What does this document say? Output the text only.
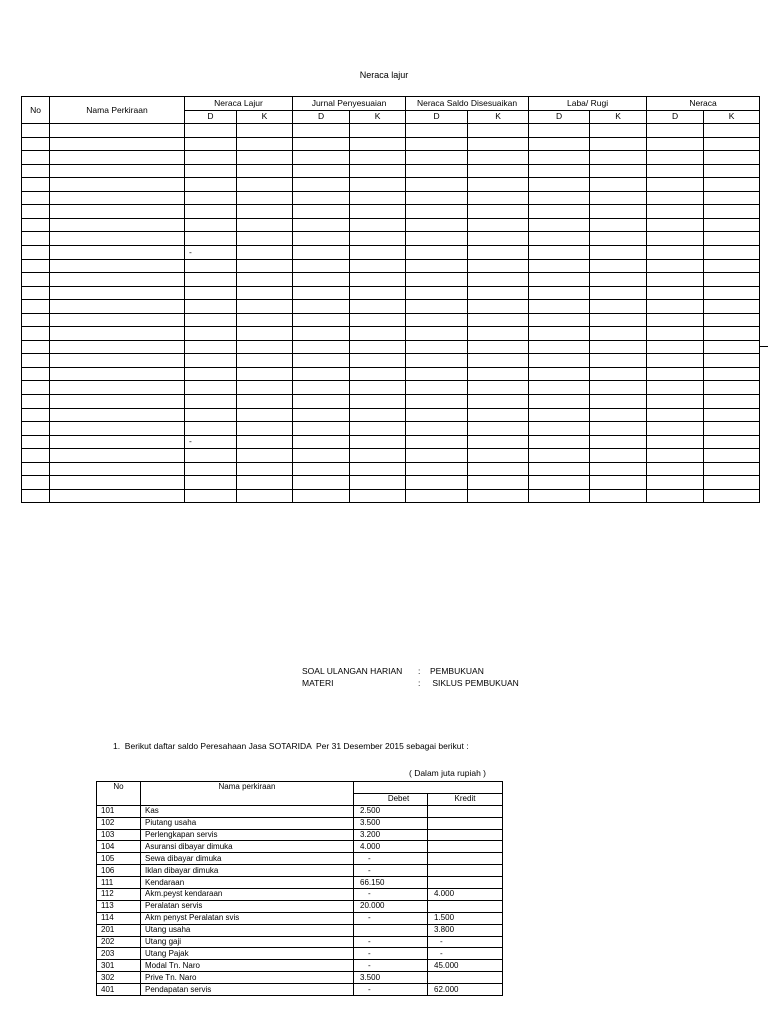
Neraca lajur
No	Nama Perkiraan	Neraca Lajur		Jurnal Penyesuaian		Neraca Saldo Disesuaikan		Laba/ Rugi		Neraca	
		D	K	D	K	D	K	D	K	D	K

		-									

		-									

SOAL ULANGAN HARIAN	:	PEMBUKUAN
MATERI	:	SIKLUS PEMBUKUAN
1.  Berikut daftar saldo Peresahaan Jasa SOTARIDA  Per 31 Desember 2015 sebagai berikut :
( Dalam juta rupiah )
No	Nama perkiraan		
		Debet	Kredit
101	Kas	2.500	
102	Piutang usaha	3.500	
103	Perlengkapan servis	3.200	
104	Asuransi dibayar dimuka	4.000	
105	Sewa dibayar dimuka	-	
106	Iklan dibayar dimuka	-	
111	Kendaraan	66.150	
112	Akm.peyst kendaraan	-	4.000
113	Peralatan servis	20.000	
114	Akm penyst Peralatan svis	-	1.500
201	Utang usaha		3.800
202	Utang gaji	-	-
203	Utang Pajak	-	-
301	Modal Tn. Naro	-	45.000
302	Prive Tn. Naro	3.500	
401	Pendapatan servis	-	62.000
